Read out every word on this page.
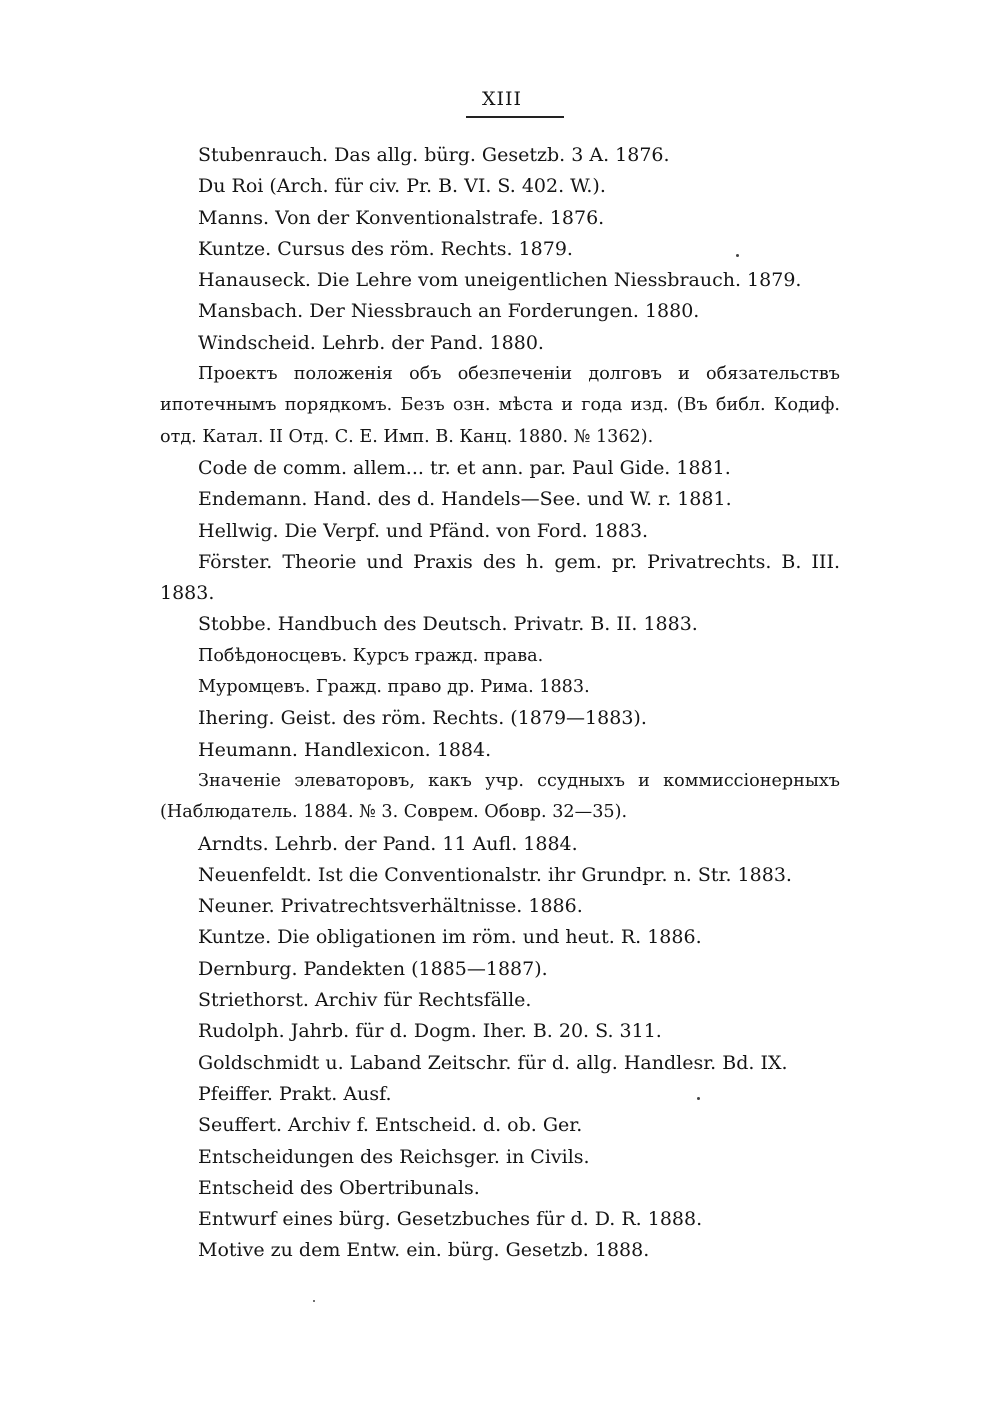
XIII
Stubenrauch. Das allg. bürg. Gesetzb. 3 A. 1876.
Du Roi (Arch. für civ. Pr. B. VI. S. 402. W.).
Manns. Von der Konventionalstrafe. 1876.
Kuntze. Cursus des röm. Rechts. 1879.
Hanauseck. Die Lehre vom uneigentlichen Niessbrauch. 1879.
Mansbach. Der Niessbrauch an Forderungen. 1880.
Windscheid. Lehrb. der Pand. 1880.
Проектъ положенія объ обезпеченіи долговъ и обязательствъ ипотечнымъ порядкомъ. Безъ озн. мѣста и года изд. (Въ библ. Кодиф. отд. Катал. II Отд. С. Е. Имп. В. Канц. 1880. № 1362).
Code de comm. allem... tr. et ann. par. Paul Gide. 1881.
Endemann. Hand. des d. Handels—See. und W. r. 1881.
Hellwig. Die Verpf. und Pfänd. von Ford. 1883.
Förster. Theorie und Praxis des h. gem. pr. Privatrechts. B. III. 1883.
Stobbe. Handbuch des Deutsch. Privatr. B. II. 1883.
Побѣдоносцевъ. Курсъ гражд. права.
Муромцевъ. Гражд. право др. Рима. 1883.
Ihering. Geist. des röm. Rechts. (1879—1883).
Heumann. Handlexicon. 1884.
Значеніе элеваторовъ, какъ учр. ссудныхъ и коммиссіонерныхъ (Наблюдатель. 1884. № 3. Соврем. Обовр. 32—35).
Arndts. Lehrb. der Pand. 11 Aufl. 1884.
Neuenfeldt. Ist die Conventionalstr. ihr Grundpr. n. Str. 1883.
Neuner. Privatrechtsverhältnisse. 1886.
Kuntze. Die obligationen im röm. und heut. R. 1886.
Dernburg. Pandekten (1885—1887).
Striethorst. Archiv für Rechtsfälle.
Rudolph. Jahrb. für d. Dogm. Iher. B. 20. S. 311.
Goldschmidt u. Laband Zeitschr. für d. allg. Handlesr. Bd. IX.
Pfeiffer. Prakt. Ausf.
Seuffert. Archiv f. Entscheid. d. ob. Ger.
Entscheidungen des Reichsger. in Civils.
Entscheid des Obertribunals.
Entwurf eines bürg. Gesetzbuches für d. D. R. 1888.
Motive zu dem Entw. ein. bürg. Gesetzb. 1888.
